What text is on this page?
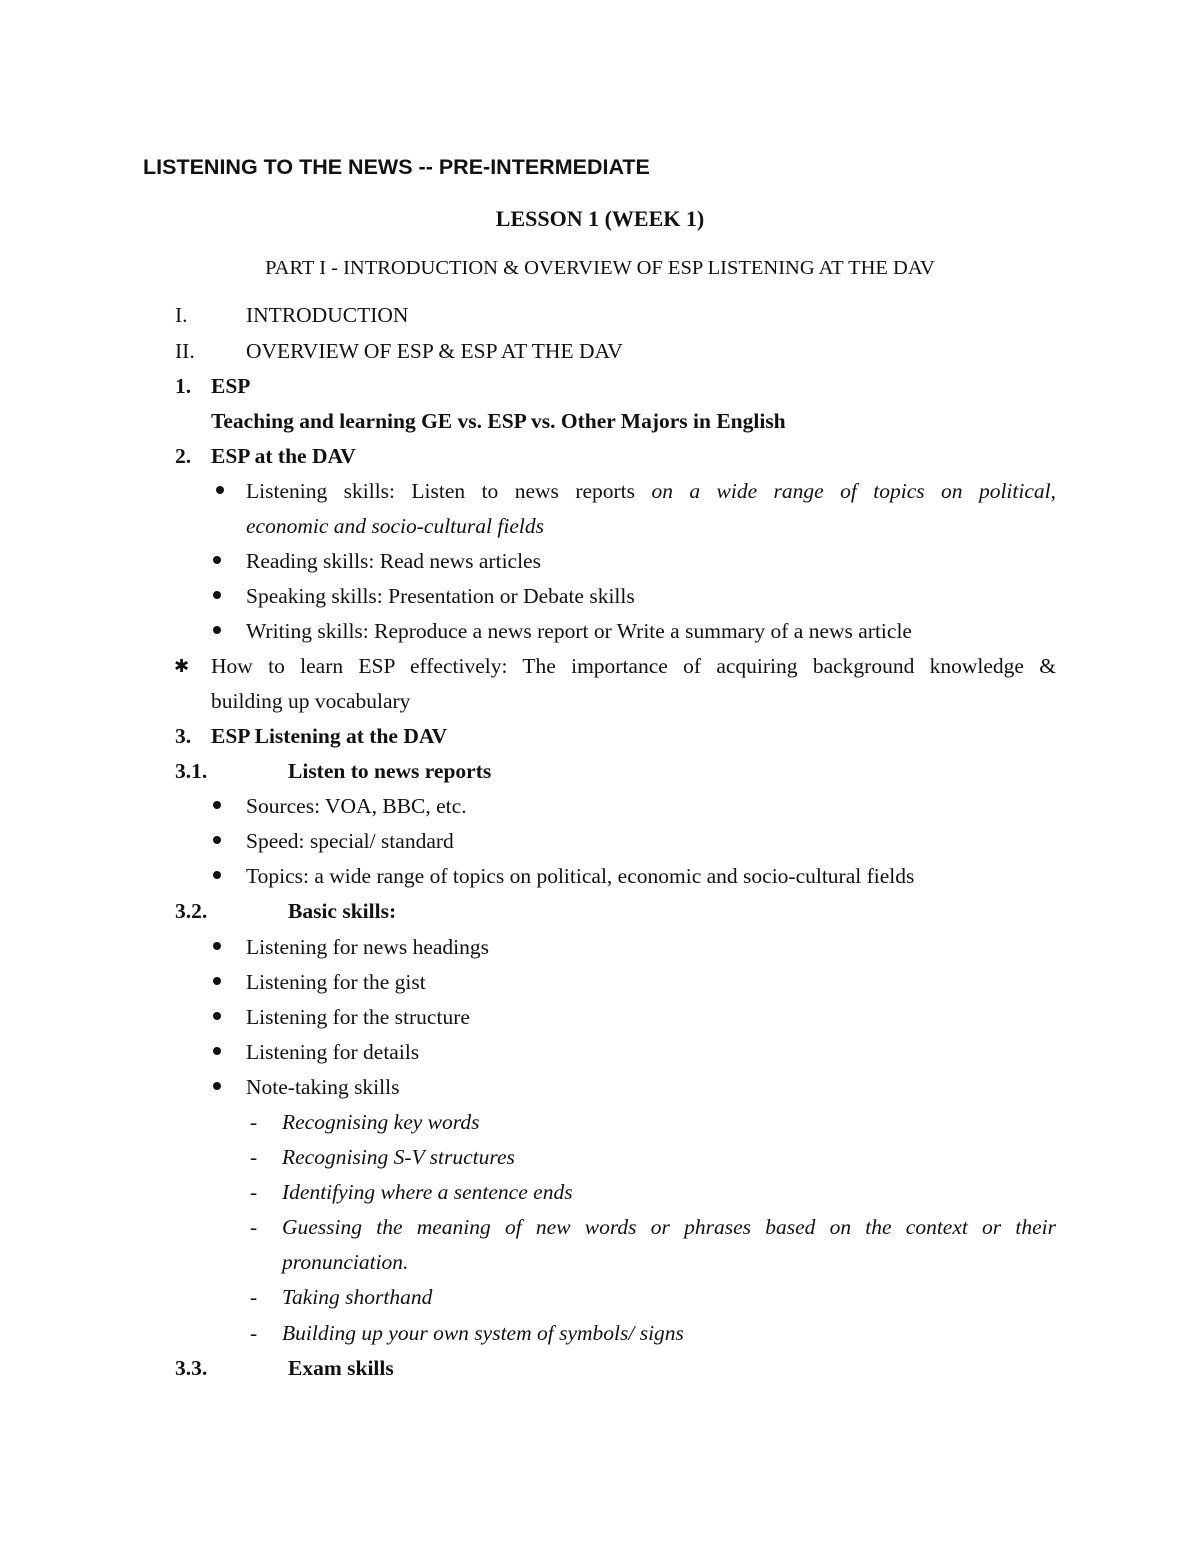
LISTENING TO THE NEWS -- PRE-INTERMEDIATE
LESSON 1 (WEEK 1)
PART I - INTRODUCTION & OVERVIEW OF ESP LISTENING AT THE DAV
I.	INTRODUCTION
II. OVERVIEW OF ESP & ESP AT THE DAV
1. ESP
Teaching and learning GE vs. ESP vs. Other Majors in English
2. ESP at the DAV
Listening skills: Listen to news reports on a wide range of topics on political,
economic and socio-cultural fields
Reading skills: Read news articles
Speaking skills: Presentation or Debate skills
Writing skills: Reproduce a news report or Write a summary of a news article
✱ How to learn ESP effectively: The importance of acquiring background knowledge &
building up vocabulary
3. ESP Listening at the DAV
3.1.	Listen to news reports
Sources: VOA, BBC, etc.
Speed: special/ standard
Topics: a wide range of topics on political, economic and socio-cultural fields
3.2.	Basic skills:
Listening for news headings
Listening for the gist
Listening for the structure
Listening for details
Note-taking skills
- Recognising key words
- Recognising S-V structures
- Identifying where a sentence ends
- Guessing the meaning of new words or phrases based on the context or their
pronunciation.
- Taking shorthand
- Building up your own system of symbols/ signs
3.3.	Exam skills
